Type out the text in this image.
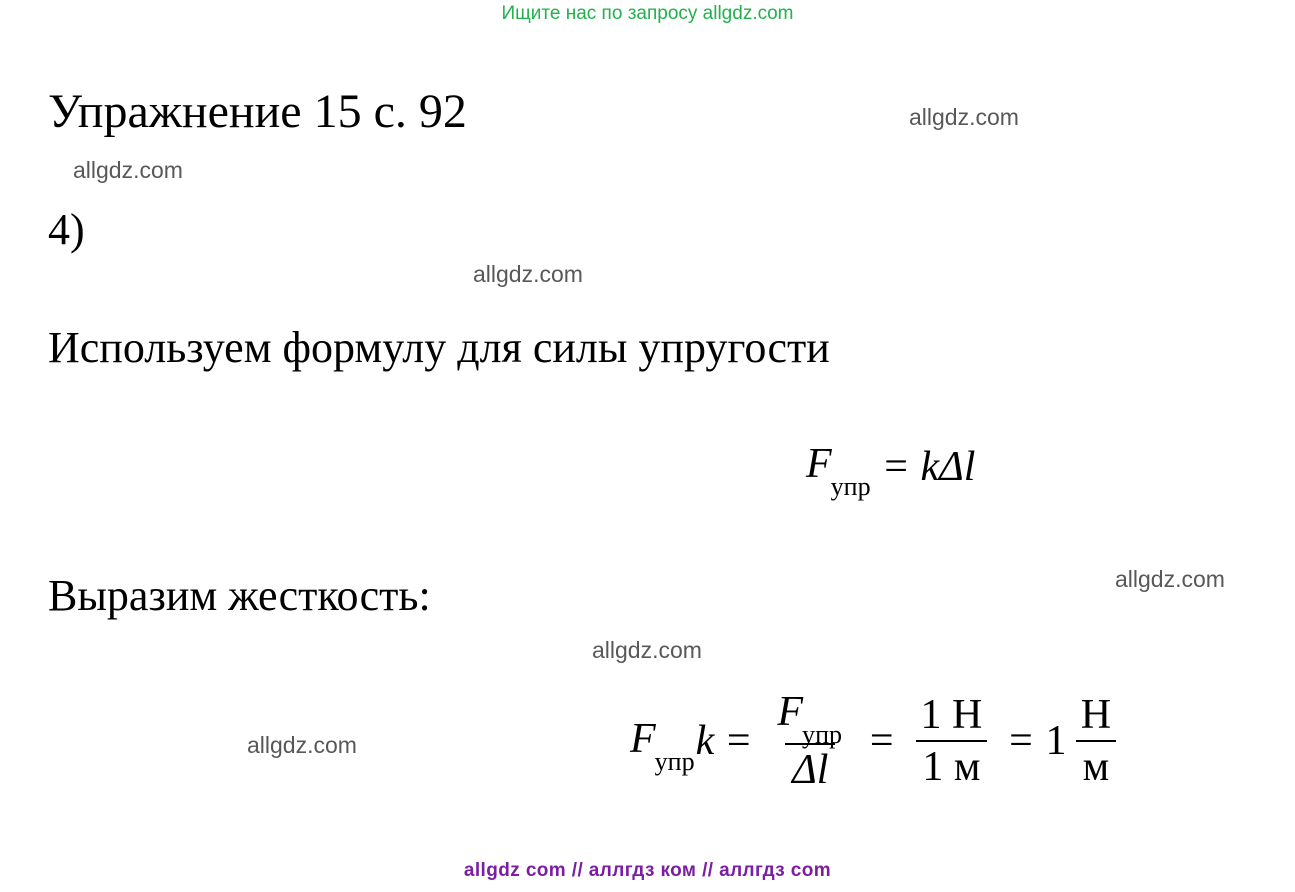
Ищите нас по запросу allgdz.com
Упражнение 15 с. 92	allgdz.com
allgdz.com
4)
allgdz.com
Используем формулу для силы упругости
$F_{упр} = k\Delta l$
allgdz.com
Выразим жесткость:
allgdz.com
allgdz.com	$F_{упр}$ $k = \frac{F_{упр}}{\Delta l} = \frac{1 Н}{1 м} = 1 \frac{Н}{м}$
allgdz com // аллгдз ком // аллгдз com
